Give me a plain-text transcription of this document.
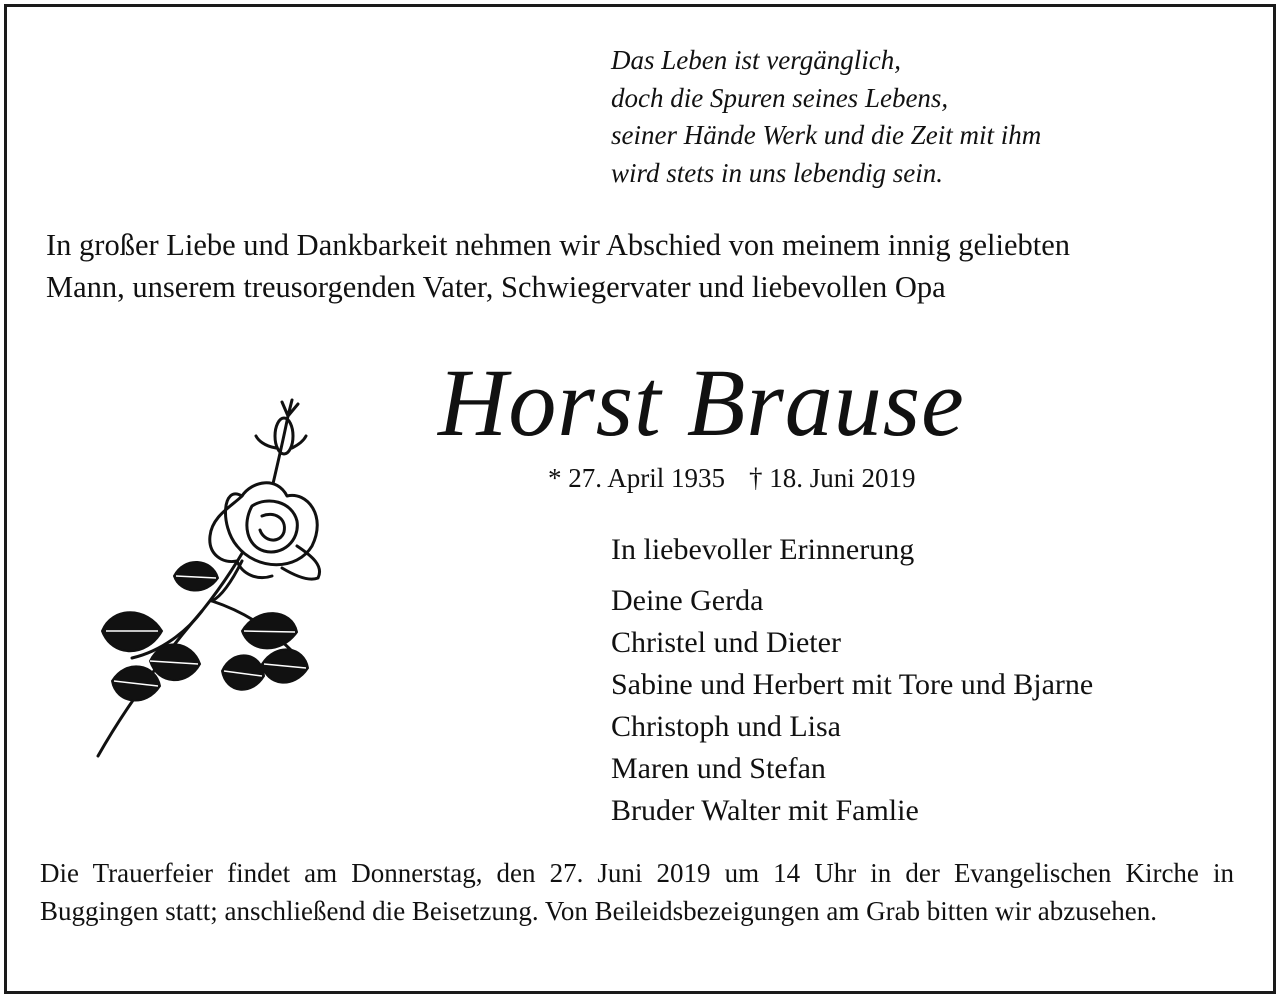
Das Leben ist vergänglich,
doch die Spuren seines Lebens,
seiner Hände Werk und die Zeit mit ihm
wird stets in uns lebendig sein.
In großer Liebe und Dankbarkeit nehmen wir Abschied von meinem innig geliebten
Mann, unserem treusorgenden Vater, Schwiegervater und liebevollen Opa
Horst Brause
* 27. April 1935 † 18. Juni 2019
In liebevoller Erinnerung
Deine Gerda
Christel und Dieter
Sabine und Herbert mit Tore und Bjarne
Christoph und Lisa
Maren und Stefan
Bruder Walter mit Famlie

Die Trauerfeier findet am Donnerstag, den 27. Juni 2019 um 14 Uhr in der Evangelischen Kirche in Buggingen statt; anschließend die Beisetzung. Von Beileidsbezeigungen am Grab bitten wir abzusehen.
